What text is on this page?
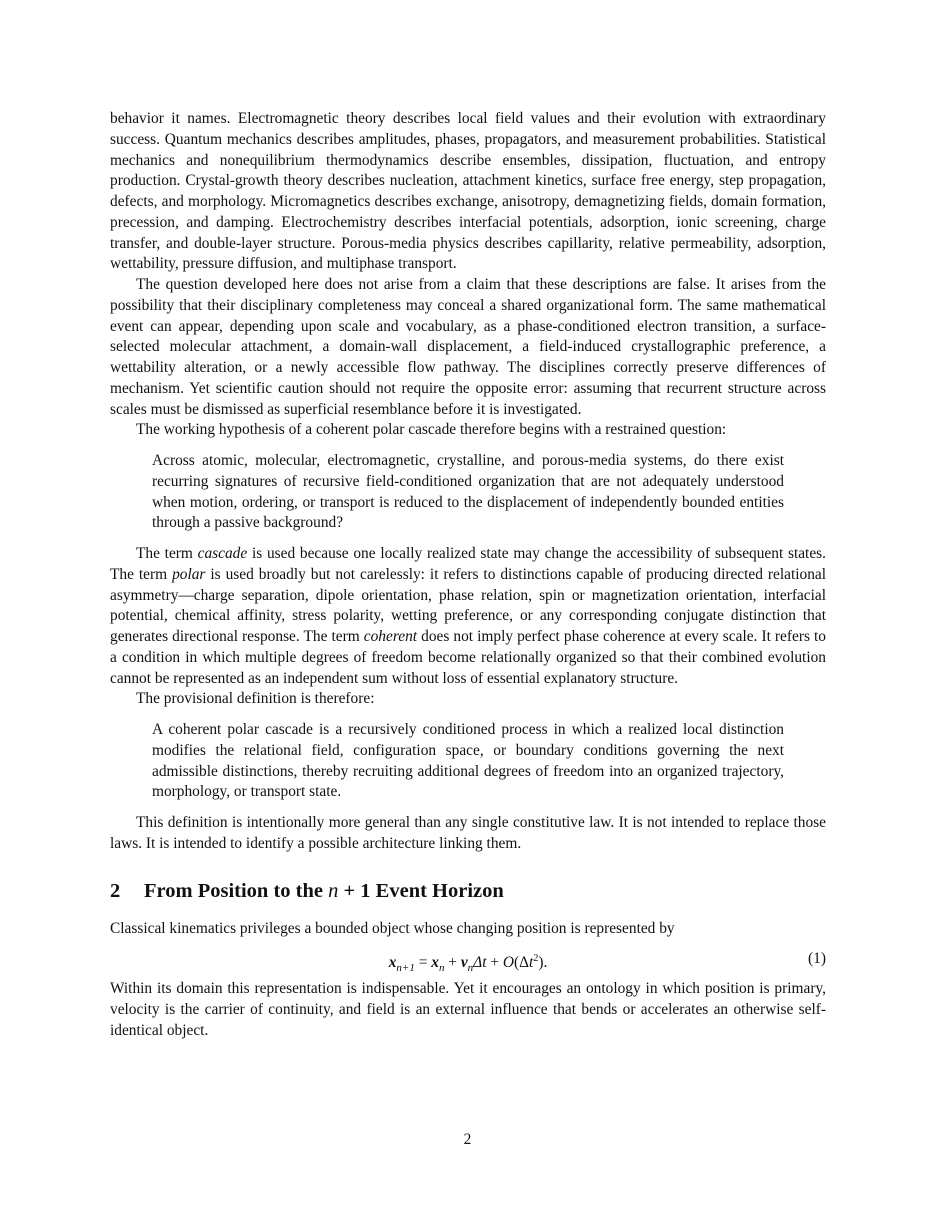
behavior it names. Electromagnetic theory describes local field values and their evolution with extraordinary success. Quantum mechanics describes amplitudes, phases, propagators, and measurement probabilities. Statistical mechanics and nonequilibrium thermodynamics describe ensembles, dissipation, fluctuation, and entropy production. Crystal-growth theory describes nucleation, attachment kinetics, surface free energy, step propagation, defects, and morphology. Micromagnetics describes exchange, anisotropy, demagnetizing fields, domain formation, precession, and damping. Electrochemistry describes interfacial potentials, adsorption, ionic screening, charge transfer, and double-layer structure. Porous-media physics describes capillarity, relative permeability, adsorption, wettability, pressure diffusion, and multiphase transport.

The question developed here does not arise from a claim that these descriptions are false. It arises from the possibility that their disciplinary completeness may conceal a shared organizational form. The same mathematical event can appear, depending upon scale and vocabulary, as a phase-conditioned electron transition, a surface-selected molecular attachment, a domain-wall displacement, a field-induced crystallographic preference, a wettability alteration, or a newly accessible flow pathway. The disciplines correctly preserve differences of mechanism. Yet scientific caution should not require the opposite error: assuming that recurrent structure across scales must be dismissed as superficial resemblance before it is investigated.

The working hypothesis of a coherent polar cascade therefore begins with a restrained question:

Across atomic, molecular, electromagnetic, crystalline, and porous-media systems, do there exist recurring signatures of recursive field-conditioned organization that are not adequately understood when motion, ordering, or transport is reduced to the displacement of independently bounded entities through a passive background?

The term cascade is used because one locally realized state may change the accessibility of subsequent states. The term polar is used broadly but not carelessly: it refers to distinctions capable of producing directed relational asymmetry—charge separation, dipole orientation, phase relation, spin or magnetization orientation, interfacial potential, chemical affinity, stress polarity, wetting preference, or any corresponding conjugate distinction that generates directional response. The term coherent does not imply perfect phase coherence at every scale. It refers to a condition in which multiple degrees of freedom become relationally organized so that their combined evolution cannot be represented as an independent sum without loss of essential explanatory structure.

The provisional definition is therefore:

A coherent polar cascade is a recursively conditioned process in which a realized local distinction modifies the relational field, configuration space, or boundary conditions governing the next admissible distinctions, thereby recruiting additional degrees of freedom into an organized trajectory, morphology, or transport state.

This definition is intentionally more general than any single constitutive law. It is not intended to replace those laws. It is intended to identify a possible architecture linking them.

2 From Position to the n + 1 Event Horizon

Classical kinematics privileges a bounded object whose changing position is represented by

$x_{n+1} = x_n + v_n\Delta t + O(\Delta t^2)$.	(1)

Within its domain this representation is indispensable. Yet it encourages an ontology in which position is primary, velocity is the carrier of continuity, and field is an external influence that bends or accelerates an otherwise self-identical object.

2
